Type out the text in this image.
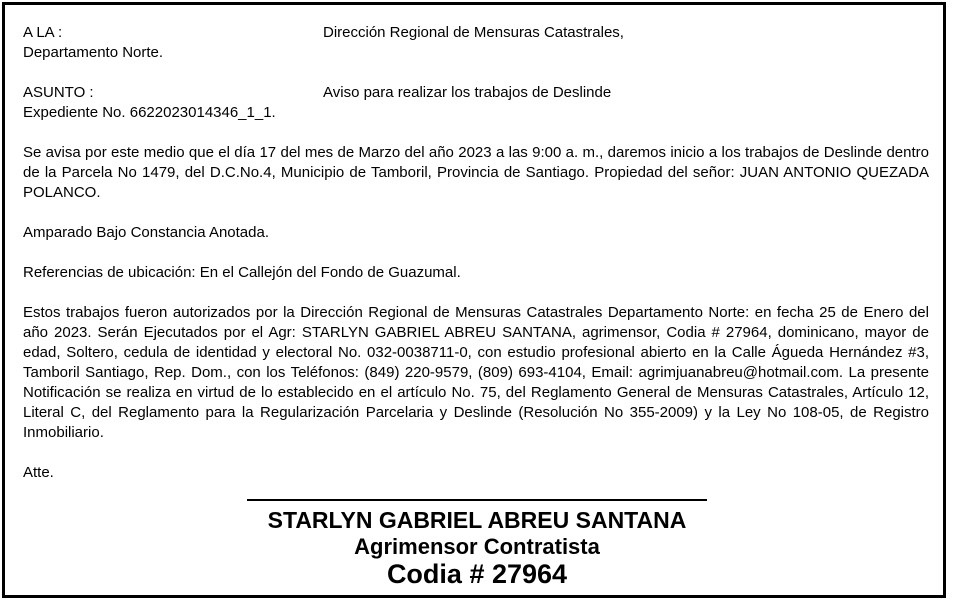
A LA :	Dirección Regional de Mensuras Catastrales,
Departamento Norte.
ASUNTO :	Aviso para realizar los trabajos de Deslinde
Expediente No. 6622023014346_1_1.
Se avisa por este medio que el día 17 del mes de Marzo del año 2023 a las 9:00 a. m., daremos inicio a los trabajos de Deslinde dentro de la Parcela No 1479, del D.C.No.4, Municipio de Tamboril, Provincia de Santiago. Propiedad del señor: JUAN ANTONIO QUEZADA POLANCO.
Amparado Bajo Constancia Anotada.
Referencias de ubicación: En el Callejón del Fondo de Guazumal.
Estos trabajos fueron autorizados por la Dirección Regional de Mensuras Catastrales Departamento Norte: en fecha 25 de Enero del año 2023. Serán Ejecutados por el Agr: STARLYN GABRIEL ABREU SANTANA, agrimensor, Codia # 27964, dominicano, mayor de edad, Soltero, cedula de identidad y electoral No. 032-0038711-0, con estudio profesional abierto en la Calle Águeda Hernández #3, Tamboril Santiago, Rep. Dom., con los Teléfonos: (849) 220-9579, (809) 693-4104, Email: agrimjuanabreu@hotmail.com. La presente Notificación se realiza en virtud de lo establecido en el artículo No. 75, del Reglamento General de Mensuras Catastrales, Artículo 12, Literal C, del Reglamento para la Regularización Parcelaria y Deslinde (Resolución No 355-2009) y la Ley No 108-05, de Registro Inmobiliario.
Atte.
STARLYN GABRIEL ABREU SANTANA
Agrimensor Contratista
Codia # 27964
